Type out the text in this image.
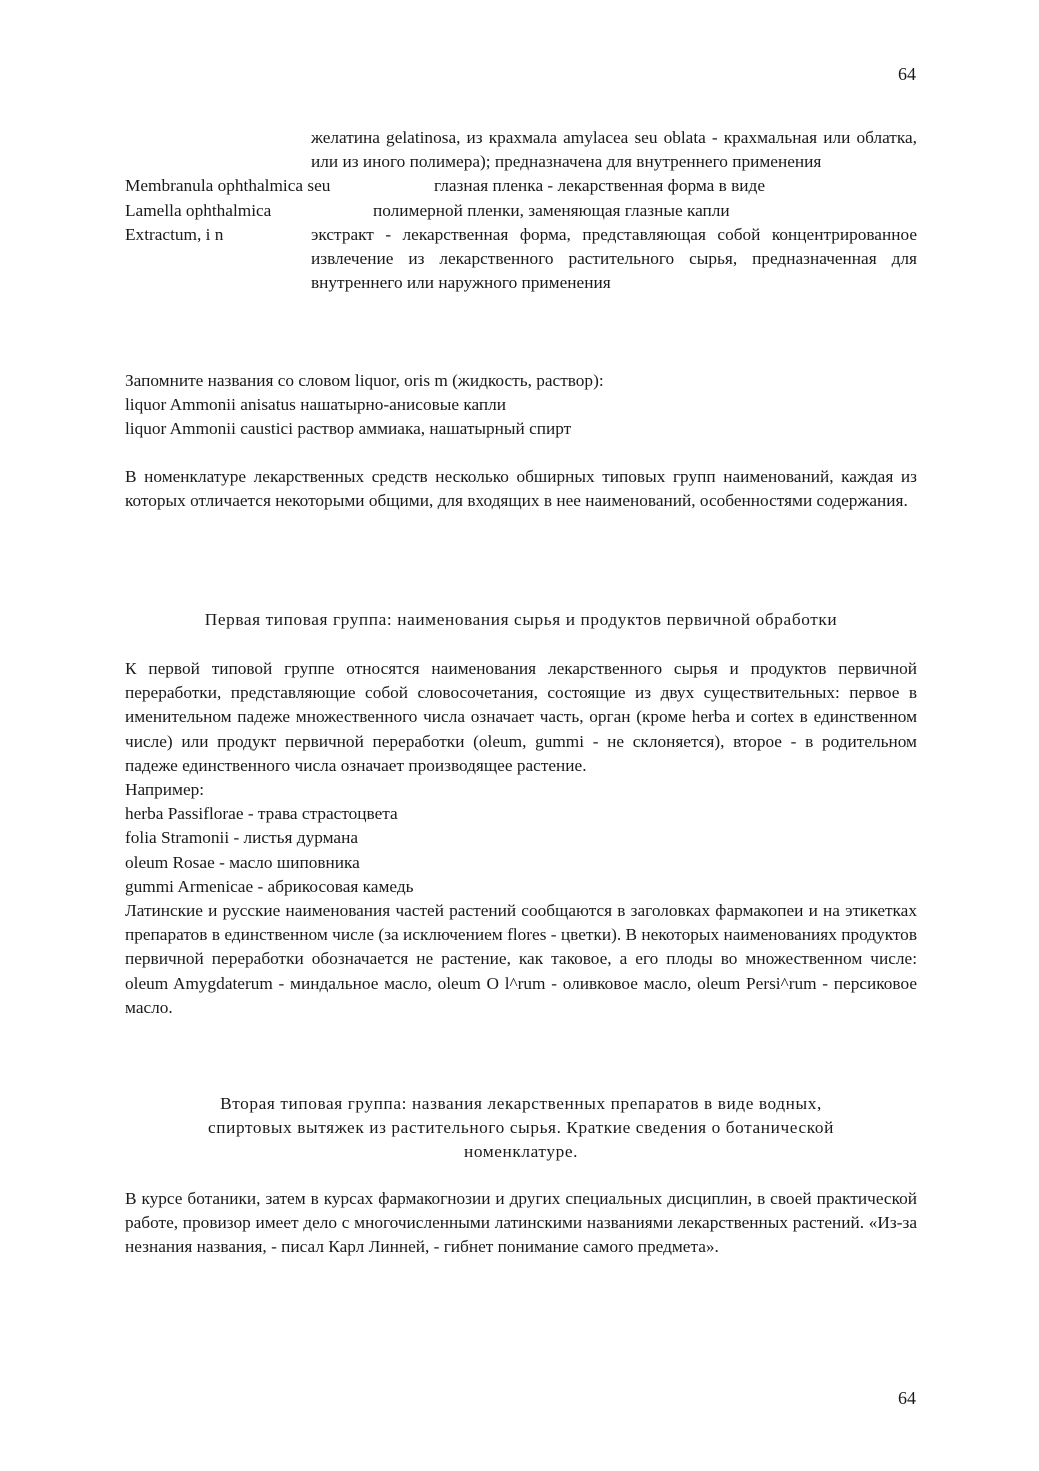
64

желатина gelatinosa, из крахмала amylacea seu oblata - крахмальная или облатка, или из иного полимера); предназначена для внутреннего применения

Membranula ophthalmica seu	глазная пленка - лекарственная форма в виде
Lamella ophthalmica	полимерной пленки, заменяющая глазные капли
Extractum, i n	экстракт - лекарственная форма, представляющая собой концентрированное извлечение из лекарственного растительного сырья, предназначенная для внутреннего или наружного применения

Запомните названия со словом liquor, oris m (жидкость, раствор):

liquor Ammonii anisatus нашатырно-анисовые капли

liquor Ammonii caustici раствор аммиака, нашатырный спирт

В номенклатуре лекарственных средств несколько обширных типовых групп наименований, каждая из которых отличается некоторыми общими, для входящих в нее наименований, особенностями содержания.

Первая типовая группа: наименования сырья и продуктов первичной обработки

К первой типовой группе относятся наименования лекарственного сырья и продуктов первичной переработки, представляющие собой словосочетания, состоящие из двух существительных: первое в именительном падеже множественного числа означает часть, орган (кроме herba и cortex в единственном числе) или продукт первичной переработки (oleum, gummi - не склоняется), второе - в родительном падеже единственного числа означает производящее растение.

Например:

herba Passiflorae - трава страстоцвета

folia Stramonii - листья дурмана

oleum Rosae - масло шиповника

gummi Armenicae - абрикосовая камедь

Латинские и русские наименования частей растений сообщаются в заголовках фармакопеи и на этикетках препаратов в единственном числе (за исключением flores - цветки). В некоторых наименованиях продуктов первичной переработки обозначается не растение, как таковое, а его плоды во множественном числе: oleum Amygdaterum - миндальное масло, oleum O l^rum - оливковое масло, oleum Persi^rum - персиковое масло.

Вторая типовая группа: названия лекарственных препаратов в виде водных,
спиртовых вытяжек из растительного сырья. Краткие сведения о ботанической
номенклатуре.

В курсе ботаники, затем в курсах фармакогнозии и других специальных дисциплин, в своей практической работе, провизор имеет дело с многочисленными латинскими названиями лекарственных растений. «Из-за незнания названия, - писал Карл Линней, - гибнет понимание самого предмета».

64
